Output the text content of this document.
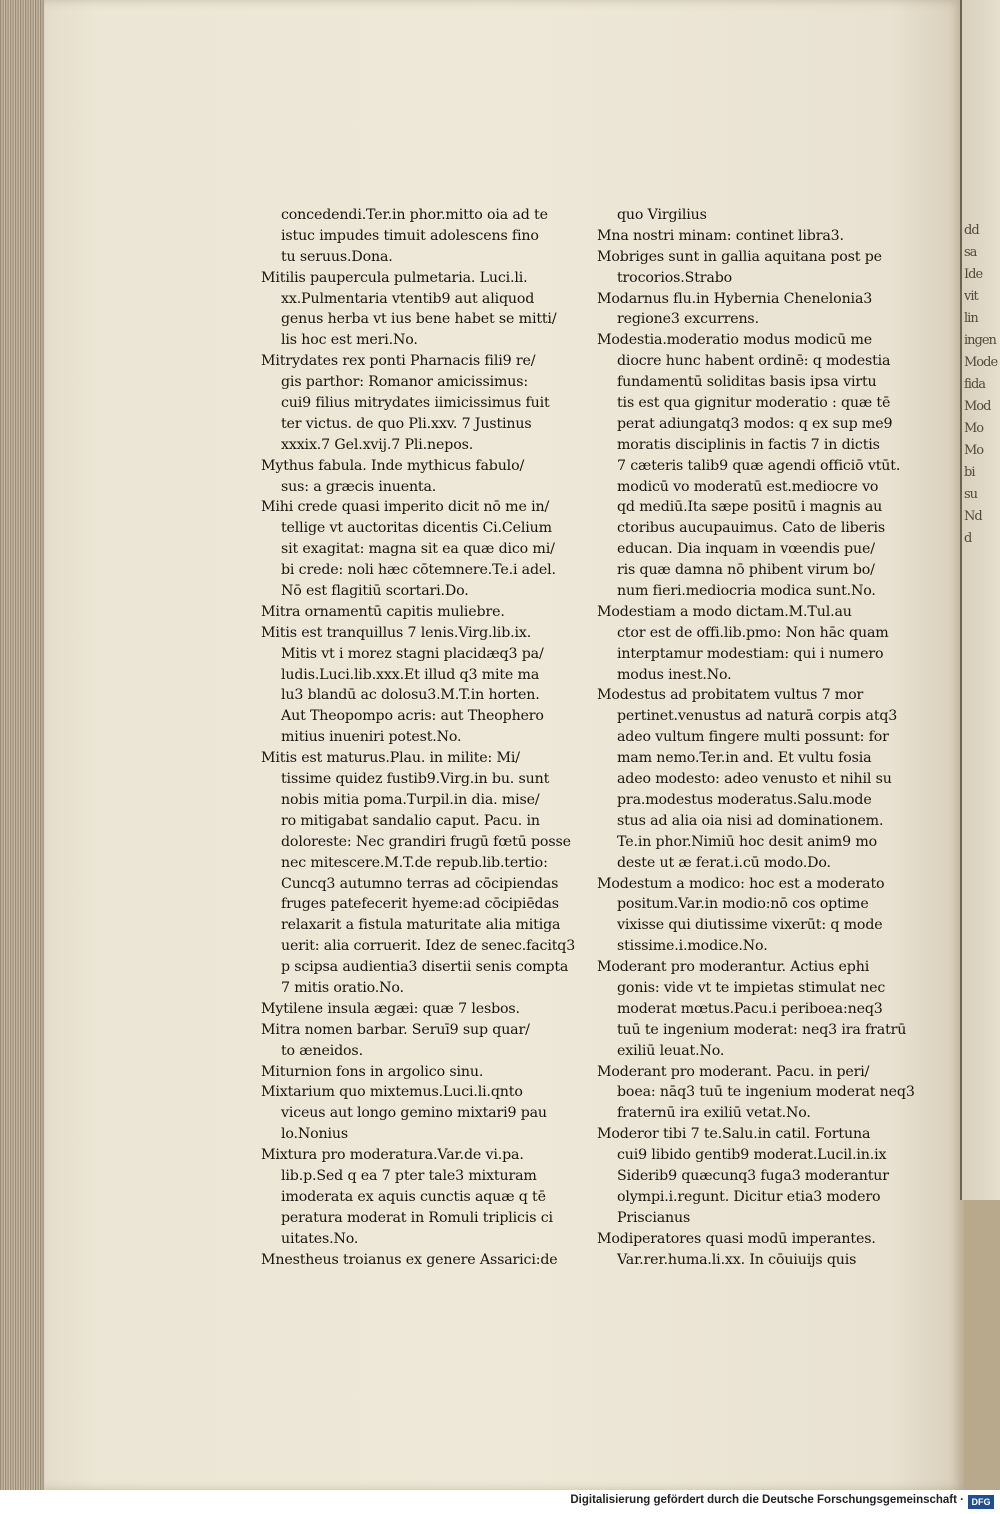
dd
sa
Ide
vit
lin
ingen
Mode
fida
Mod
Mo
Mo
bi
su
Nd
d
concedendi.Ter.in phor.mitto oia ad te
istuc impudes timuit adolescens fino
tu seruus.Dona.
Mitilis paupercula pulmetaria. Luci.li.
xx.Pulmentaria vtentib9 aut aliquod
genus herba vt ius bene habet se mitti/
lis hoc est meri.No.
Mitrydates rex ponti Pharnacis fili9 re/
gis parthor: Romanor amicissimus:
cui9 filius mitrydates iimicissimus fuit
ter victus. de quo Pli.xxv. 7 Justinus
xxxix.7 Gel.xvij.7 Pli.nepos.
Mythus fabula. Inde mythicus fabulo/
sus: a græcis inuenta.
Mihi crede quasi imperito dicit nō me in/
tellige vt auctoritas dicentis Ci.Celium
sit exagitat: magna sit ea quæ dico mi/
bi crede: noli hæc cōtemnere.Te.i adel.
Nō est flagitiū scortari.Do.
Mitra ornamentū capitis muliebre.
Mitis est tranquillus 7 lenis.Virg.lib.ix.
Mitis vt i morez stagni placidæq3 pa/
ludis.Luci.lib.xxx.Et illud q3 mite ma
lu3 blandū ac dolosu3.M.T.in horten.
Aut Theopompo acris: aut Theophero
mitius inueniri potest.No.
Mitis est maturus.Plau. in milite: Mi/
tissime quidez fustib9.Virg.in bu. sunt
nobis mitia poma.Turpil.in dia. mise/
ro mitigabat sandalio caput. Pacu. in
doloreste: Nec grandiri frugū fœtū posse
nec mitescere.M.T.de repub.lib.tertio:
Cuncq3 autumno terras ad cōcipiendas
fruges patefecerit hyeme:ad cōcipiēdas
relaxarit a fistula maturitate alia mitiga
uerit: alia corruerit. Idez de senec.facitq3
p scipsa audientia3 disertii senis compta
7 mitis oratio.No.
Mytilene insula ægæi: quæ 7 lesbos.
Mitra nomen barbar. Seruī9 sup quar/
to æneidos.
Miturnion fons in argolico sinu.
Mixtarium quo mixtemus.Luci.li.qnto
viceus aut longo gemino mixtari9 pau
lo.Nonius
Mixtura pro moderatura.Var.de vi.pa.
lib.p.Sed q ea 7 pter tale3 mixturam
imoderata ex aquis cunctis aquæ q tē
peratura moderat in Romuli triplicis ci
uitates.No.
Mnestheus troianus ex genere Assarici:de
quo Virgilius
Mna nostri minam: continet libra3.
Mobriges sunt in gallia aquitana post pe
trocorios.Strabo
Modarnus flu.in Hybernia Chenelonia3
regione3 excurrens.
Modestia.moderatio modus modicū me
diocre hunc habent ordinē: q modestia
fundamentū soliditas basis ipsa virtu
tis est qua gignitur moderatio : quæ tē
perat adiungatq3 modos: q ex sup me9
moratis disciplinis in factis 7 in dictis
7 cæteris talib9 quæ agendi officiō vtūt.
modicū vo moderatū est.mediocre vo
qd mediū.Ita sæpe positū i magnis au
ctoribus aucupauimus. Cato de liberis
educan. Dia inquam in vœendis pue/
ris quæ damna nō phibent virum bo/
num fieri.mediocria modica sunt.No.
Modestiam a modo dictam.M.Tul.au
ctor est de offi.lib.pmo: Non hāc quam
interptamur modestiam: qui i numero
modus inest.No.
Modestus ad probitatem vultus 7 mor
pertinet.venustus ad naturā corpis atq3
adeo vultum fingere multi possunt: for
mam nemo.Ter.in and. Et vultu fosia
adeo modesto: adeo venusto et nihil su
pra.modestus moderatus.Salu.mode
stus ad alia oia nisi ad dominationem.
Te.in phor.Nimiū hoc desit anim9 mo
deste ut æ ferat.i.cū modo.Do.
Modestum a modico: hoc est a moderato
positum.Var.in modio:nō cos optime
vixisse qui diutissime vixerūt: q mode
stissime.i.modice.No.
Moderant pro moderantur. Actius ephi
gonis: vide vt te impietas stimulat nec
moderat mœtus.Pacu.i periboea:neq3
tuū te ingenium moderat: neq3 ira fratrū
exiliū leuat.No.
Moderant pro moderant. Pacu. in peri/
boea: nāq3 tuū te ingenium moderat neq3
fraternū ira exiliū vetat.No.
Moderor tibi 7 te.Salu.in catil. Fortuna
cui9 libido gentib9 moderat.Lucil.in.ix
Siderib9 quæcunq3 fuga3 moderantur
olympi.i.regunt. Dicitur etia3 modero
Priscianus
Modiperatores quasi modū imperantes.
Var.rer.huma.li.xx. In cōuiuijs quis
Digitalisierung gefördert durch die Deutsche Forschungsgemeinschaft · DFG
